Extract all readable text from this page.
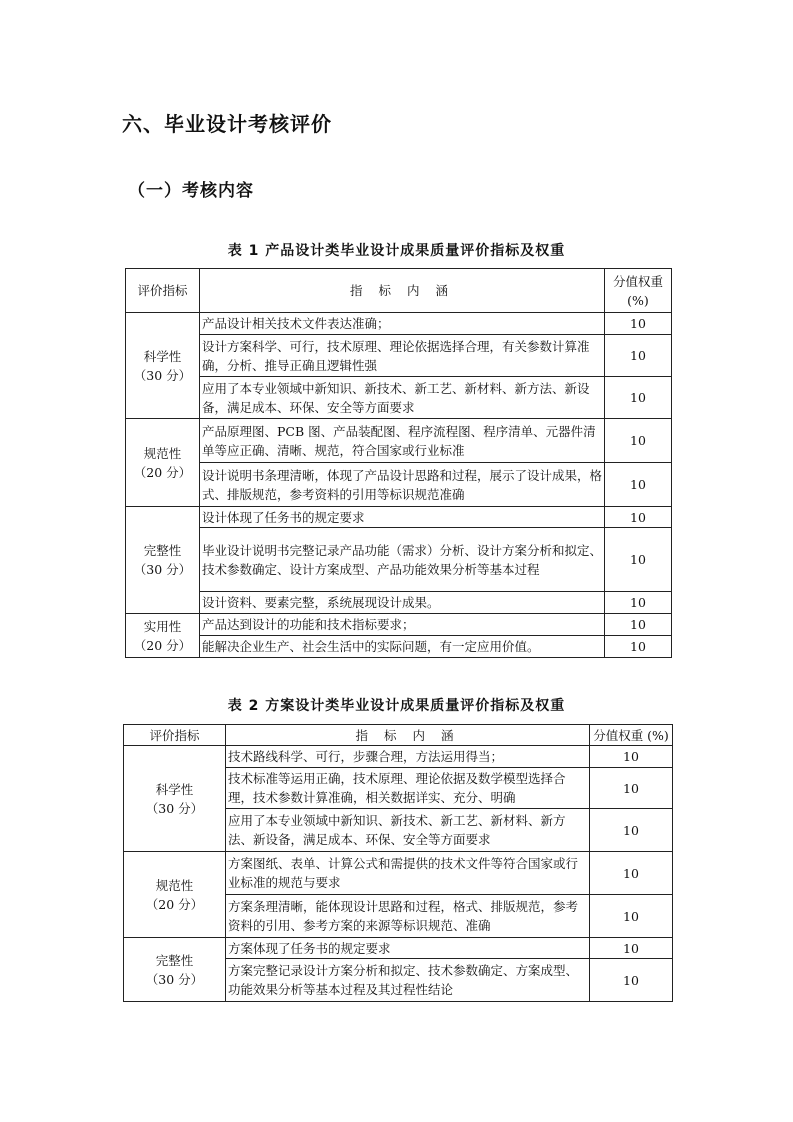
六、毕业设计考核评价
（一）考核内容
表 1 产品设计类毕业设计成果质量评价指标及权重
评价指标	指 标 内 涵	分值权重(%)

科学性
（30 分）	产品设计相关技术文件表达准确；	10
	设计方案科学、可行，技术原理、理论依据选择合理，有关参数计算准确，分析、推导正确且逻辑性强	10
	应用了本专业领域中新知识、新技术、新工艺、新材料、新方法、新设备，满足成本、环保、安全等方面要求	10

规范性
（20 分）	产品原理图、PCB 图、产品装配图、程序流程图、程序清单、元器件清单等应正确、清晰、规范，符合国家或行业标准	10
	设计说明书条理清晰，体现了产品设计思路和过程，展示了设计成果，格式、排版规范，参考资料的引用等标识规范准确	10

完整性
（30 分）	设计体现了任务书的规定要求	10
	毕业设计说明书完整记录产品功能（需求）分析、设计方案分析和拟定、技术参数确定、设计方案成型、产品功能效果分析等基本过程	10
	设计资料、要素完整，系统展现设计成果。	10

实用性
（20 分）	产品达到设计的功能和技术指标要求；	10
	能解决企业生产、社会生活中的实际问题，有一定应用价值。	10
表 2 方案设计类毕业设计成果质量评价指标及权重
评价指标	指 标 内 涵	分值权重 (%)

科学性
（30 分）	技术路线科学、可行，步骤合理，方法运用得当；	10
	技术标准等运用正确，技术原理、理论依据及数学模型选择合理，技术参数计算准确，相关数据详实、充分、明确	10
	应用了本专业领域中新知识、新技术、新工艺、新材料、新方法、新设备，满足成本、环保、安全等方面要求	10

规范性
（20 分）	方案图纸、表单、计算公式和需提供的技术文件等符合国家或行业标准的规范与要求	10
	方案条理清晰，能体现设计思路和过程，格式、排版规范，参考资料的引用、参考方案的来源等标识规范、准确	10

完整性
（30 分）	方案体现了任务书的规定要求	10
	方案完整记录设计方案分析和拟定、技术参数确定、方案成型、功能效果分析等基本过程及其过程性结论	10
